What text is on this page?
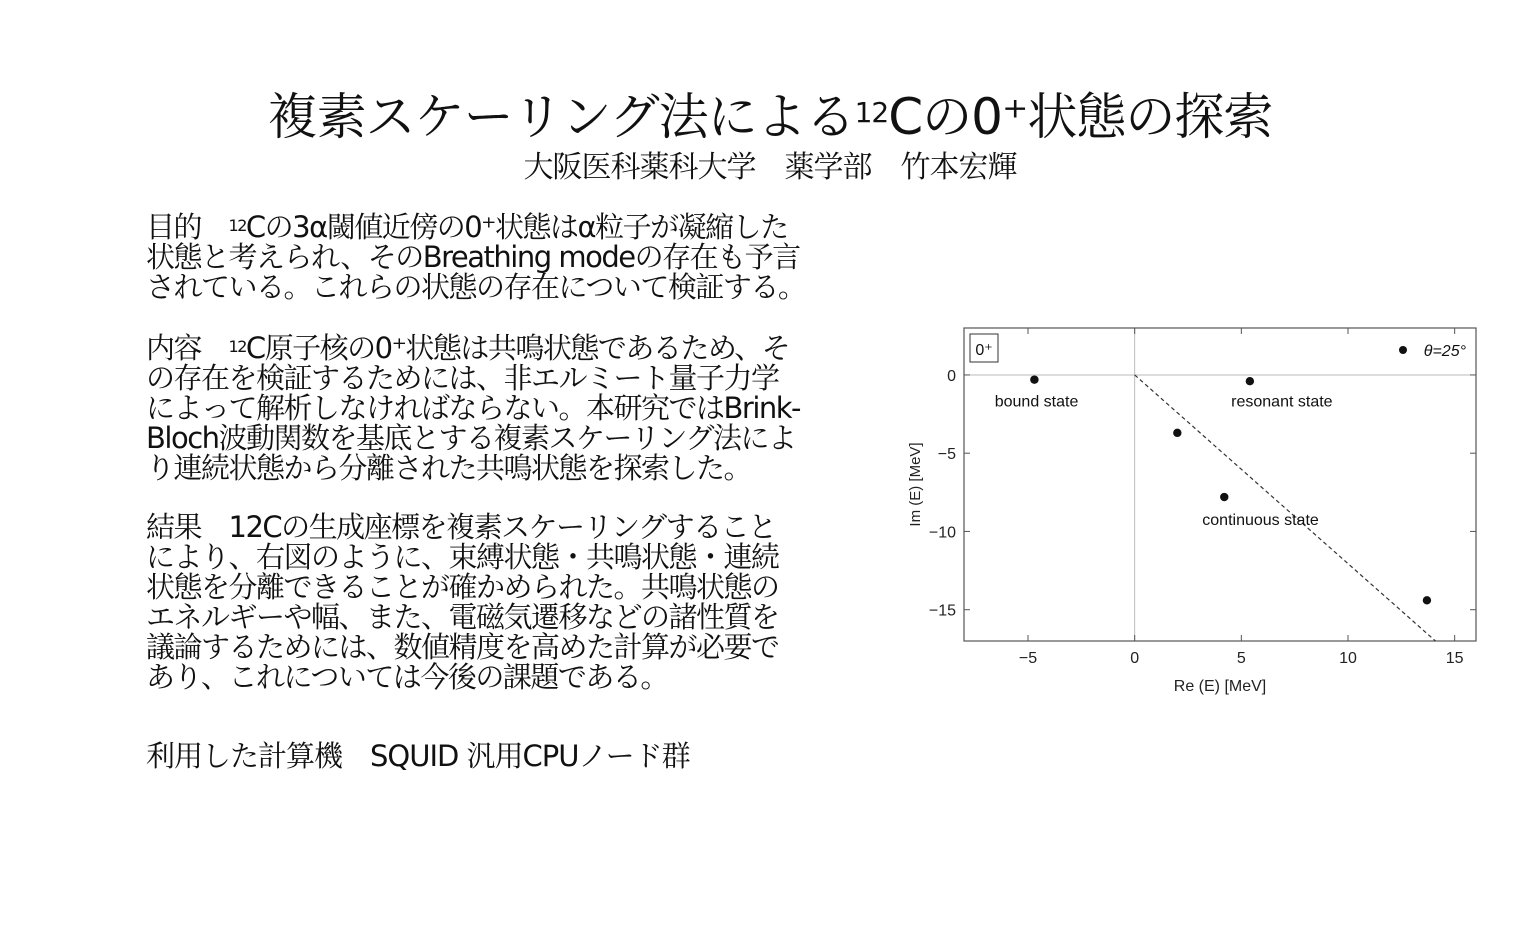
複素スケーリング法による$^{12}$Cの0⁺状態の探索
大阪医科薬科大学　薬学部　竹本宏輝
目的　$^{12}$Cの3α閾値近傍の0⁺状態はα粒子が凝縮した
状態と考えられ、そのBreathing modeの存在も予言
されている。これらの状態の存在について検証する。
内容　$^{12}$C原子核の0⁺状態は共鳴状態であるため、そ
の存在を検証するためには、非エルミート量子力学
によって解析しなければならない。本研究ではBrink-
Bloch波動関数を基底とする複素スケーリング法によ
り連続状態から分離された共鳴状態を探索した。
結果　12Cの生成座標を複素スケーリングすること
により、右図のように、束縛状態・共鳴状態・連続
状態を分離できることが確かめられた。共鳴状態の
エネルギーや幅、また、電磁気遷移などの諸性質を
議論するためには、数値精度を高めた計算が必要で
あり、これについては今後の課題である。
利用した計算機　SQUID 汎用CPUノード群
−5	0	5	10	15
0
−5
−10
−15
Re (E) [MeV]
Im (E) [MeV]
bound state	resonant state
continuous state
0⁺	θ=25°
